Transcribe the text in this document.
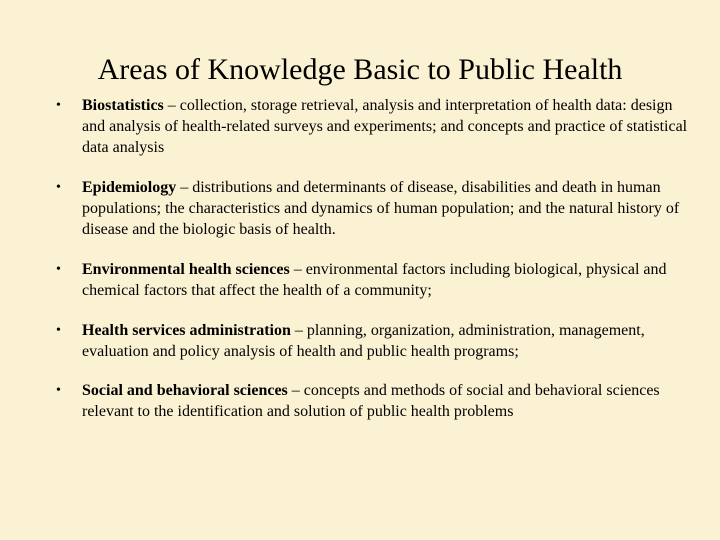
Areas of Knowledge Basic to Public Health
•	Biostatistics – collection, storage retrieval, analysis and interpretation of health data: design and analysis of health-related surveys and experiments; and concepts and practice of statistical data analysis
•	Epidemiology – distributions and determinants of disease, disabilities and death in human populations; the characteristics and dynamics of human population; and the natural history of disease and the biologic basis of health.
•	Environmental health sciences – environmental factors including biological, physical and chemical factors that affect the health of a community;
•	Health services administration – planning, organization, administration, management, evaluation and policy analysis of health and public health programs;
•	Social and behavioral sciences – concepts and methods of social and behavioral sciences relevant to the identification and solution of public health problems
